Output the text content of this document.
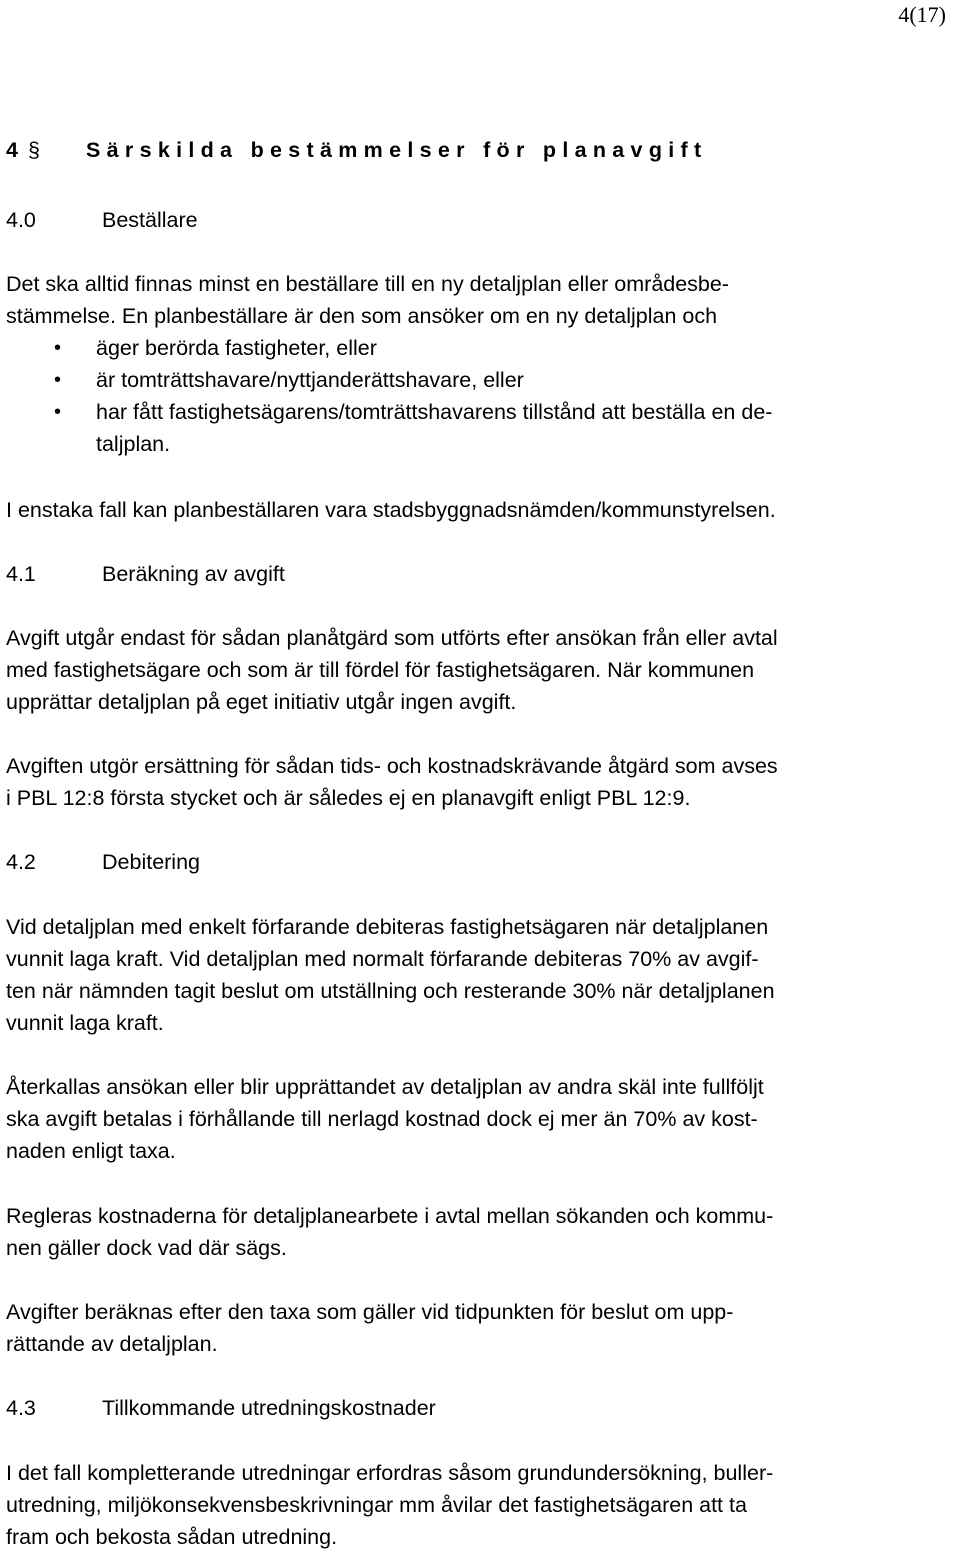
4(17)
4 § Särskilda bestämmelser för planavgift
4.0	Beställare

Det ska alltid finnas minst en beställare till en ny detaljplan eller områdesbe-
stämmelse. En planbeställare är den som ansöker om en ny detaljplan och

• äger berörda fastigheter, eller
• är tomträttshavare/nyttjanderättshavare, eller
• har fått fastighetsägarens/tomträttshavarens tillstånd att beställa en de-
taljplan.

I enstaka fall kan planbeställaren vara stadsbyggnadsnämden/kommunstyrelsen.

4.1	Beräkning av avgift

Avgift utgår endast för sådan planåtgärd som utförts efter ansökan från eller avtal
med fastighetsägare och som är till fördel för fastighetsägaren. När kommunen
upprättar detaljplan på eget initiativ utgår ingen avgift.

Avgiften utgör ersättning för sådan tids- och kostnadskrävande åtgärd som avses
i PBL 12:8 första stycket och är således ej en planavgift enligt PBL 12:9.

4.2	Debitering

Vid detaljplan med enkelt förfarande debiteras fastighetsägaren när detaljplanen
vunnit laga kraft. Vid detaljplan med normalt förfarande debiteras 70% av avgif-
ten när nämnden tagit beslut om utställning och resterande 30% när detaljplanen
vunnit laga kraft.

Återkallas ansökan eller blir upprättandet av detaljplan av andra skäl inte fullföljt
ska avgift betalas i förhållande till nerlagd kostnad dock ej mer än 70% av kost-
naden enligt taxa.

Regleras kostnaderna för detaljplanearbete i avtal mellan sökanden och kommu-
nen gäller dock vad där sägs.

Avgifter beräknas efter den taxa som gäller vid tidpunkten för beslut om upp-
rättande av detaljplan.

4.3	Tillkommande utredningskostnader

I det fall kompletterande utredningar erfordras såsom grundundersökning, buller-
utredning, miljökonsekvensbeskrivningar mm åvilar det fastighetsägaren att ta
fram och bekosta sådan utredning.
